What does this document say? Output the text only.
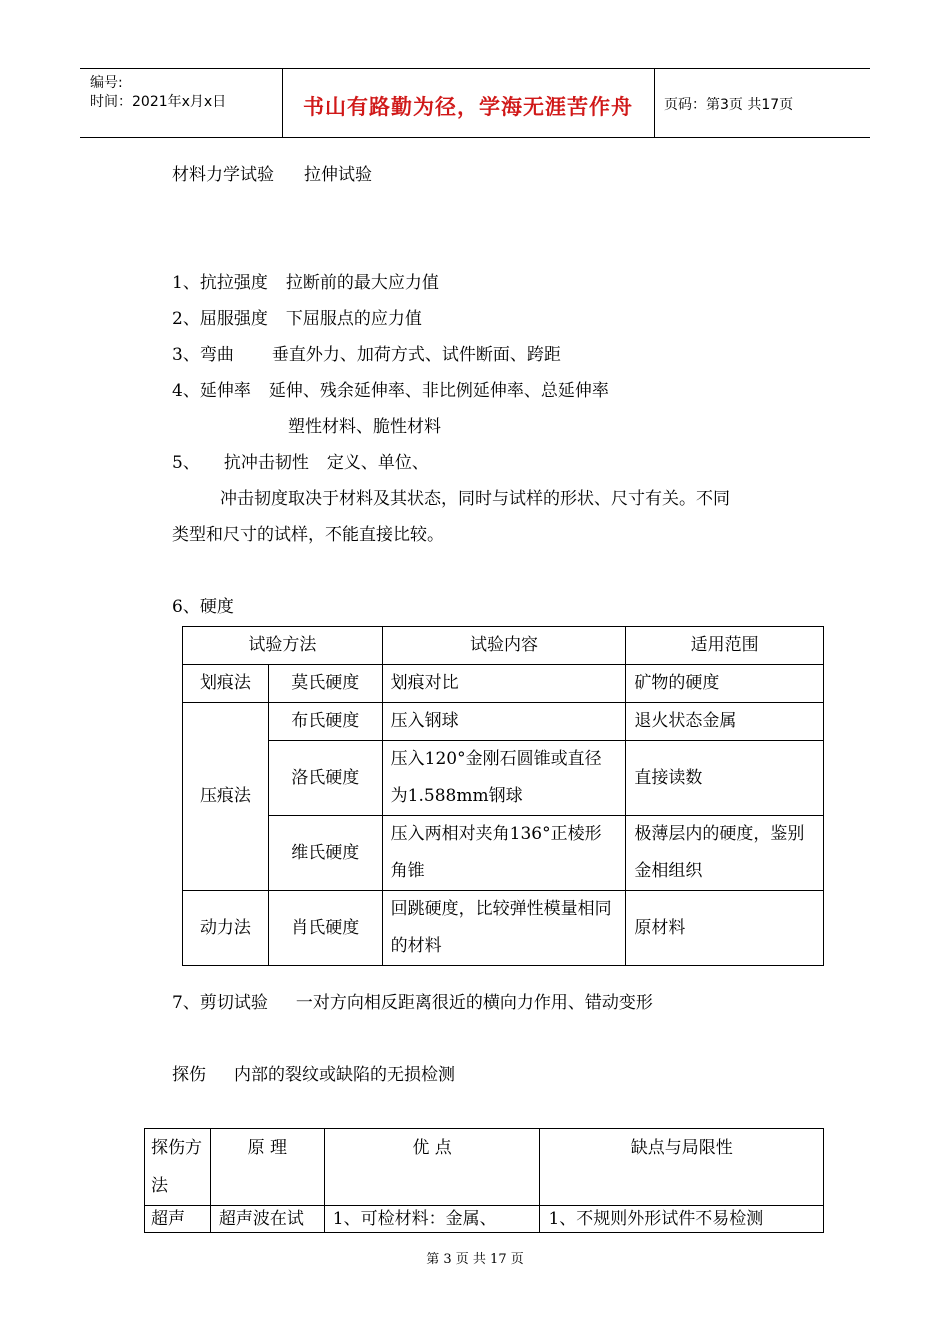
编号:
时间：2021年x月x日	书山有路勤为径，学海无涯苦作舟	页码：第3页 共17页
材料力学试验 拉伸试验
1、抗拉强度 拉断前的最大应力值
2、屈服强度 下屈服点的应力值
3、弯曲 垂直外力、加荷方式、试件断面、跨距
4、延伸率 延伸、残余延伸率、非比例延伸率、总延伸率
塑性材料、脆性材料
5、 抗冲击韧性 定义、单位、
冲击韧度取决于材料及其状态，同时与试样的形状、尺寸有关。不同
类型和尺寸的试样，不能直接比较。
6、硬度
试验方法		试验内容	适用范围
划痕法	莫氏硬度	划痕对比	矿物的硬度
压痕法	布氏硬度	压入钢球	退火状态金属
	洛氏硬度	压入120°金刚石圆锥或直径为1.588mm钢球	直接读数
	维氏硬度	压入两相对夹角136°正棱形角锥	极薄层内的硬度，鉴别金相组织
动力法	肖氏硬度	回跳硬度，比较弹性模量相同的材料	原材料
7、剪切试验 一对方向相反距离很近的横向力作用、错动变形
探伤 内部的裂纹或缺陷的无损检测
探伤方法	原 理	优 点	缺点与局限性
超声	超声波在试	1、可检材料：金属、	1、不规则外形试件不易检测
第 3 页 共 17 页
